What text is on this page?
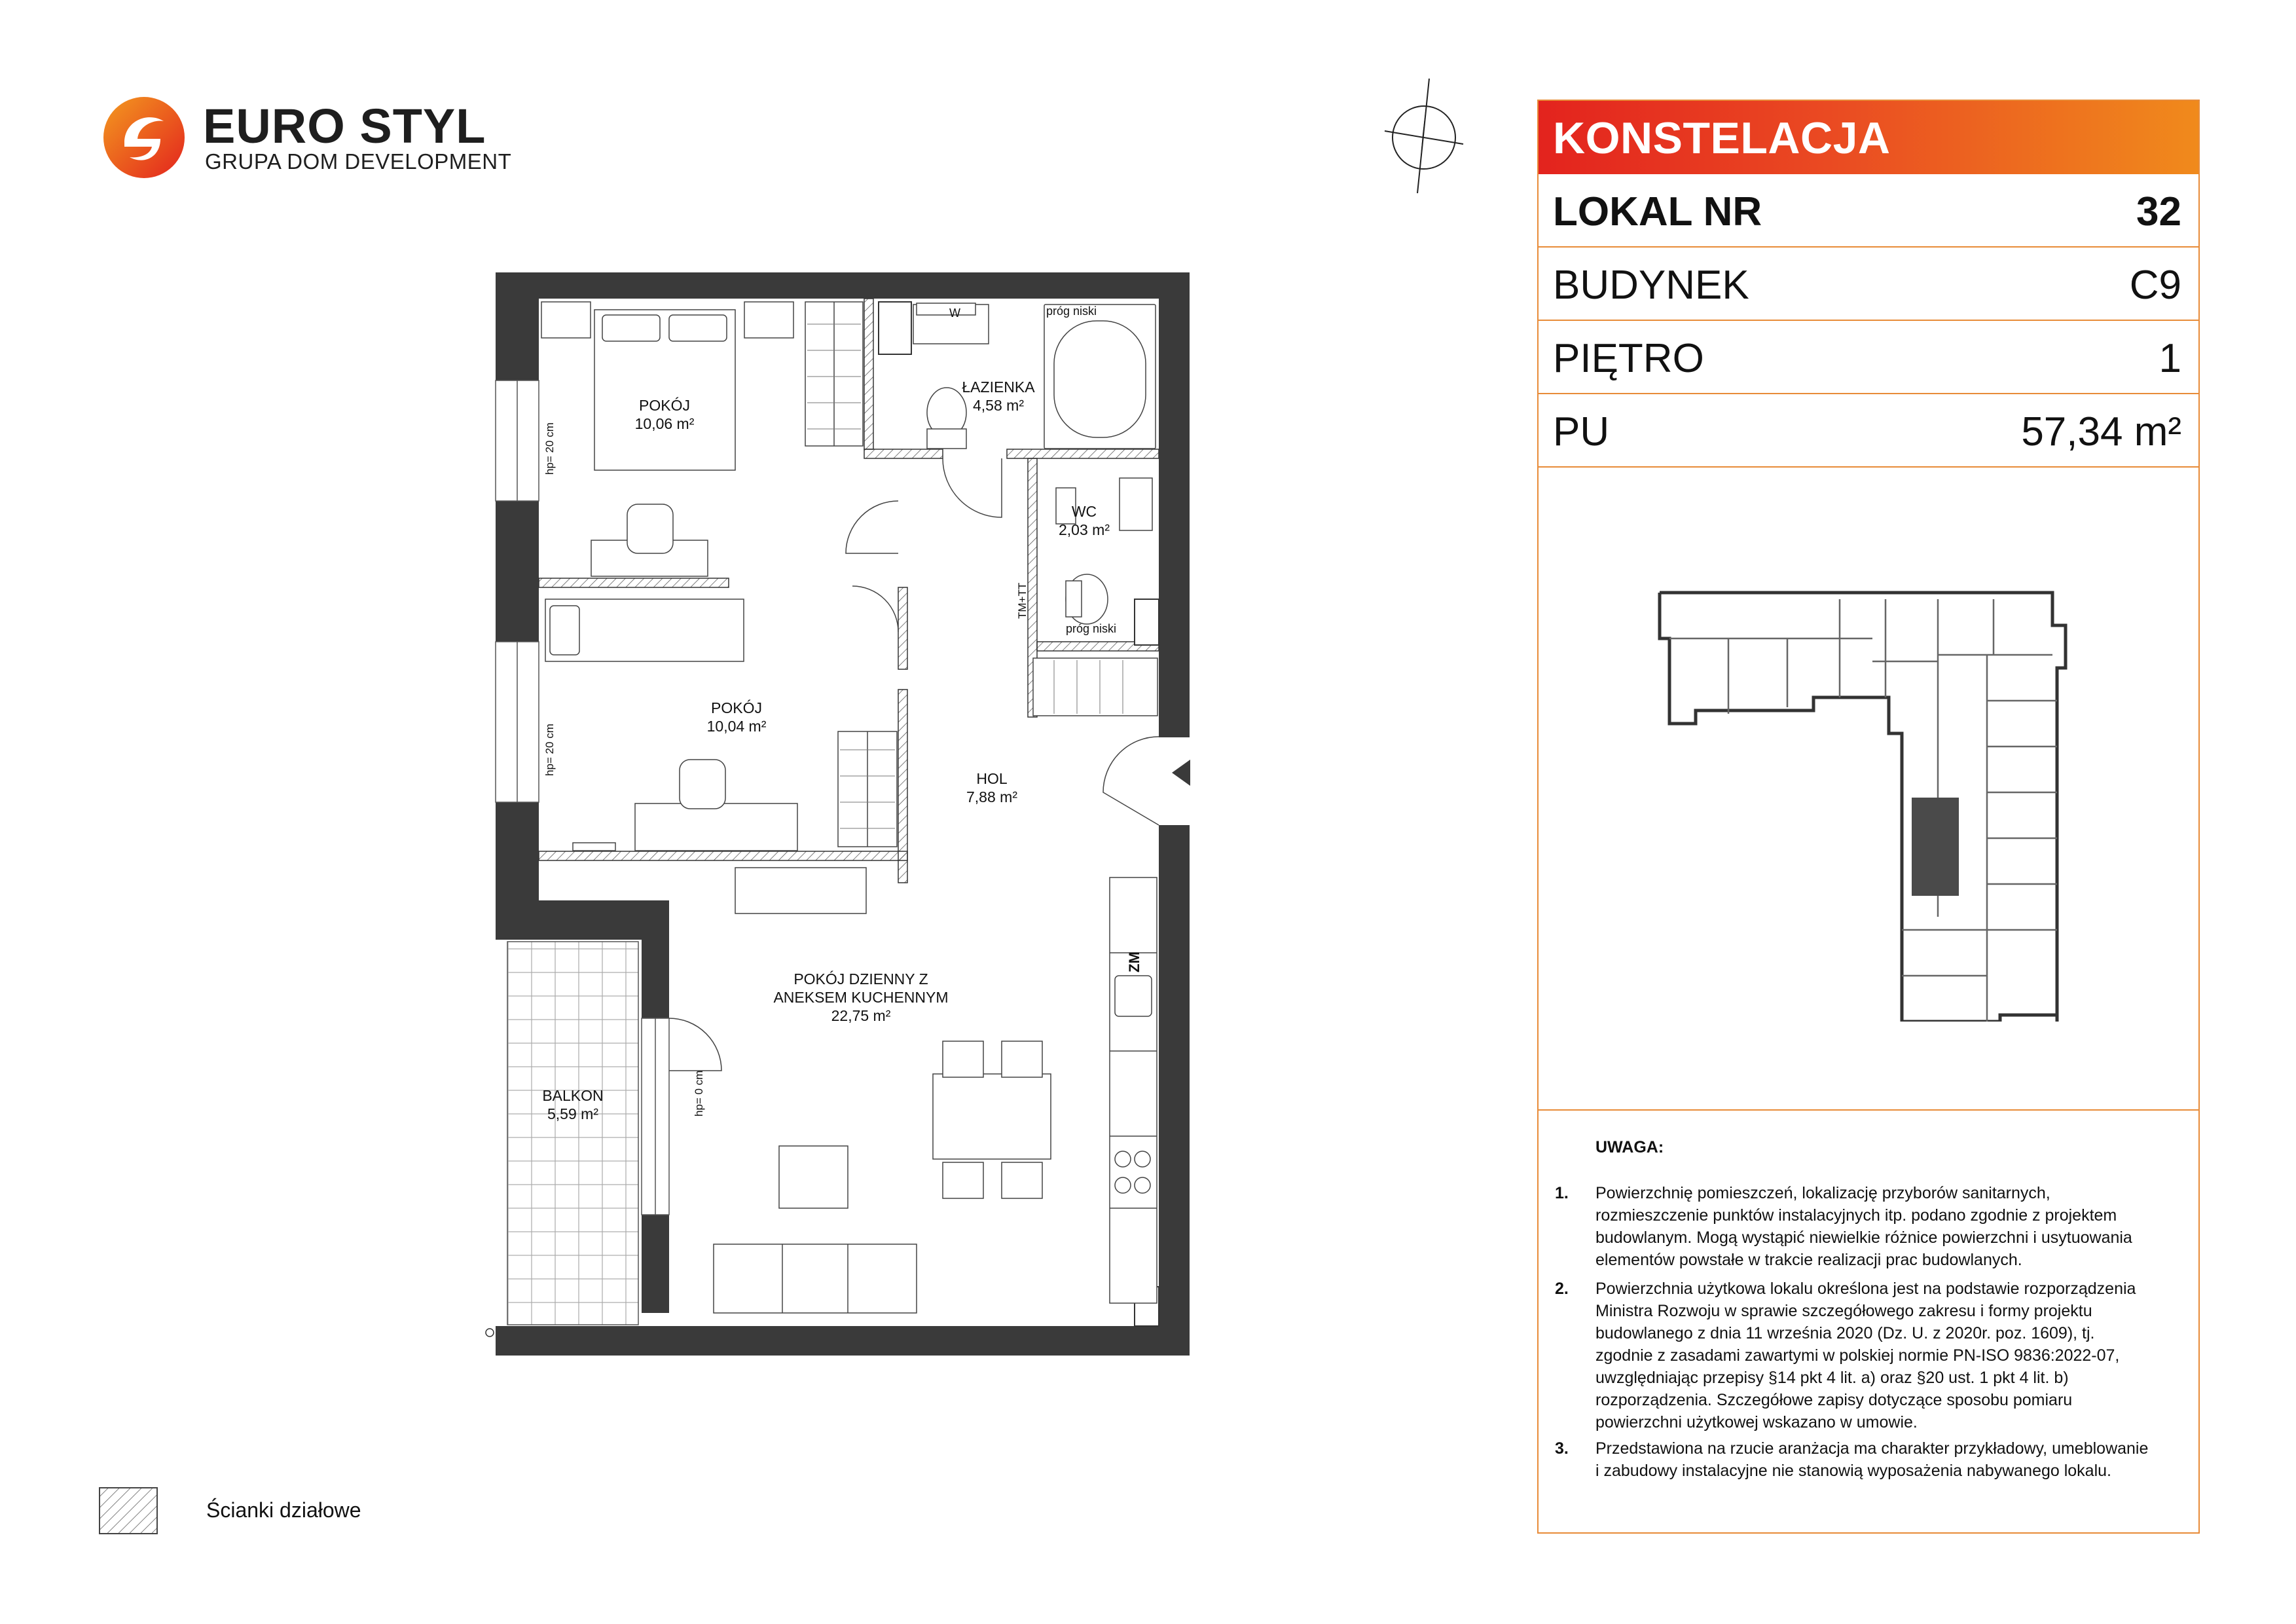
EURO STYL
GRUPA DOM DEVELOPMENT
POKÓJ
10,06 m²
ŁAZIENKA
4,58 m²
WC
2,03 m²
POKÓJ
10,04 m²
HOL
7,88 m²
POKÓJ DZIENNY Z
ANEKSEM KUCHENNYM
22,75 m²
BALKON
5,59 m²
próg niski
próg niski
W
hp= 20 cm
hp= 20 cm
hp= 0 cm
TM+TT
ZM
KONSTELACJA
LOKAL NR	32
BUDYNEK	C9
PIĘTRO	1
PU	57,34 m²
UWAGA:
1. Powierzchnię pomieszczeń, lokalizację przyborów sanitarnych, rozmieszczenie punktów instalacyjnych itp. podano zgodnie z projektem budowlanym. Mogą wystąpić niewielkie różnice powierzchni i usytuowania elementów powstałe w trakcie realizacji prac budowlanych.
2. Powierzchnia użytkowa lokalu określona jest na podstawie rozporządzenia Ministra Rozwoju w sprawie szczegółowego zakresu i formy projektu budowlanego z dnia 11 września 2020 (Dz. U. z 2020r. poz. 1609), tj. zgodnie z zasadami zawartymi w polskiej normie PN-ISO 9836:2022-07, uwzględniając przepisy §14 pkt 4 lit. a) oraz §20 ust. 1 pkt 4 lit. b) rozporządzenia. Szczegółowe zapisy dotyczące sposobu pomiaru powierzchni użytkowej wskazano w umowie.
3. Przedstawiona na rzucie aranżacja ma charakter przykładowy, umeblowanie i zabudowy instalacyjne nie stanowią wyposażenia nabywanego lokalu.
Ścianki działowe
